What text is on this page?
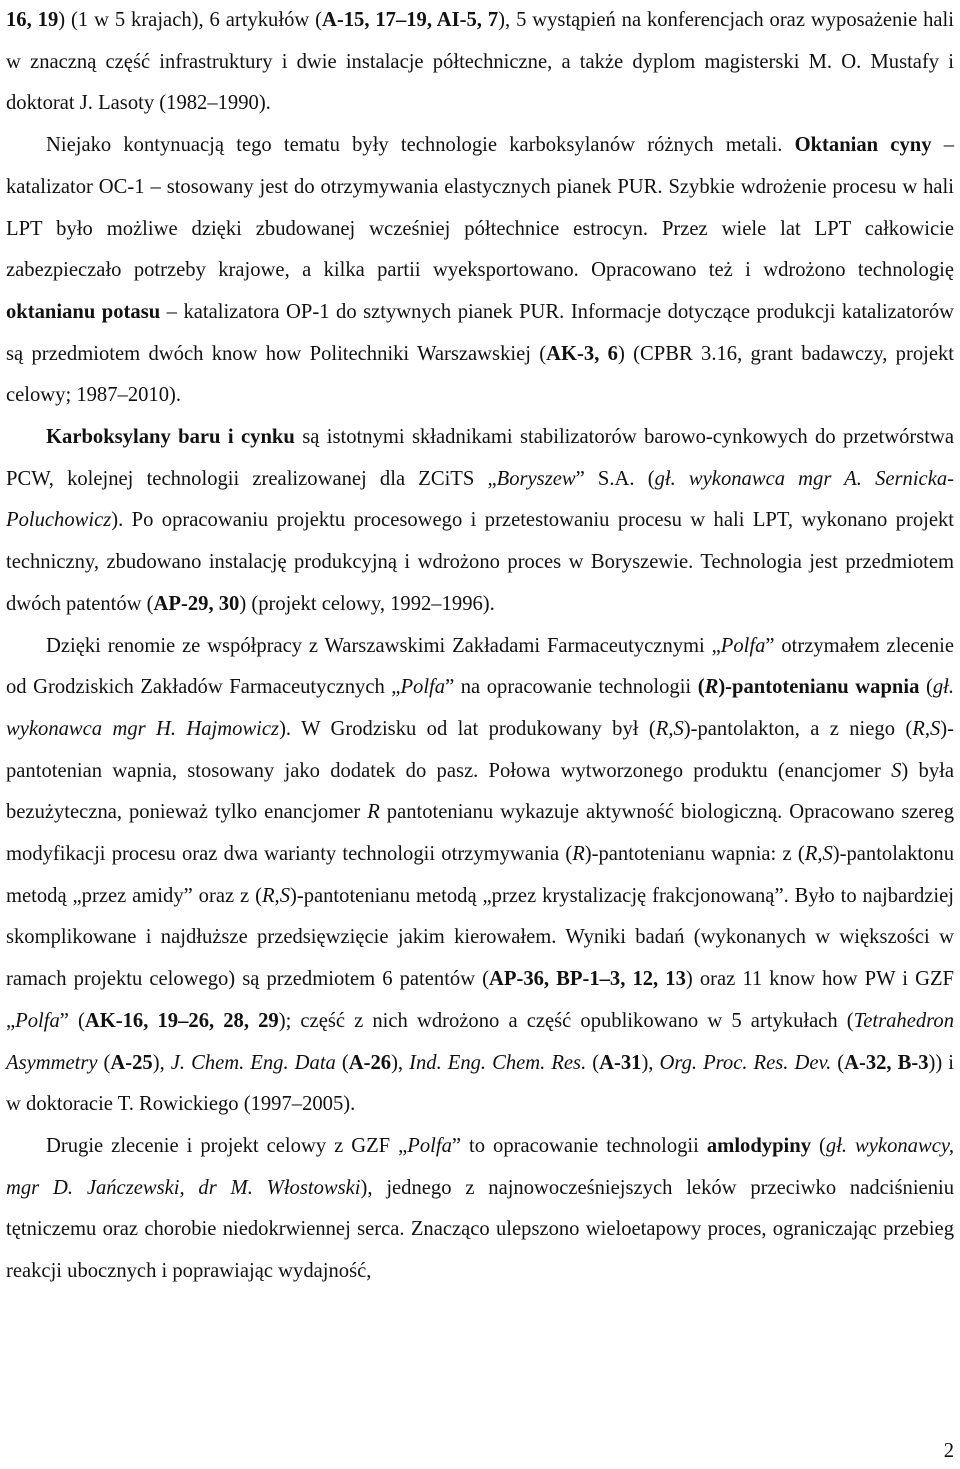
16, 19) (1 w 5 krajach), 6 artykułów (A-15, 17–19, AI-5, 7), 5 wystąpień na konferencjach oraz wyposażenie hali w znaczną część infrastruktury i dwie instalacje półtechniczne, a także dyplom magisterski M. O. Mustafy i doktorat J. Lasoty (1982–1990).

Niejako kontynuacją tego tematu były technologie karboksylanów różnych metali. Oktanian cyny – katalizator OC-1 – stosowany jest do otrzymywania elastycznych pianek PUR. Szybkie wdrożenie procesu w hali LPT było możliwe dzięki zbudowanej wcześniej półtechnice estrocyn. Przez wiele lat LPT całkowicie zabezpieczało potrzeby krajowe, a kilka partii wyeksportowano. Opracowano też i wdrożono technologię oktanianu potasu – katalizatora OP-1 do sztywnych pianek PUR. Informacje dotyczące produkcji katalizatorów są przedmiotem dwóch know how Politechniki Warszawskiej (AK-3, 6) (CPBR 3.16, grant badawczy, projekt celowy; 1987–2010).

Karboksylany baru i cynku są istotnymi składnikami stabilizatorów barowo-cynkowych do przetwórstwa PCW, kolejnej technologii zrealizowanej dla ZCiTS „Boryszew” S.A. (gł. wykonawca mgr A. Sernicka-Poluchowicz). Po opracowaniu projektu procesowego i przetestowaniu procesu w hali LPT, wykonano projekt techniczny, zbudowano instalację produkcyjną i wdrożono proces w Boryszewie. Technologia jest przedmiotem dwóch patentów (AP-29, 30) (projekt celowy, 1992–1996).

Dzięki renomie ze współpracy z Warszawskimi Zakładami Farmaceutycznymi „Polfa” otrzymałem zlecenie od Grodziskich Zakładów Farmaceutycznych „Polfa” na opracowanie technologii (R)-pantotenianu wapnia (gł. wykonawca mgr H. Hajmowicz). W Grodzisku od lat produkowany był (R,S)-pantolakton, a z niego (R,S)-pantotenian wapnia, stosowany jako dodatek do pasz. Połowa wytworzonego produktu (enancjomer S) była bezużyteczna, ponieważ tylko enancjomer R pantotenianu wykazuje aktywność biologiczną. Opracowano szereg modyfikacji procesu oraz dwa warianty technologii otrzymywania (R)-pantotenianu wapnia: z (R,S)-pantolaktonu metodą „przez amidy” oraz z (R,S)-pantotenianu metodą „przez krystalizację frakcjonowaną”. Było to najbardziej skomplikowane i najdłuższe przedsięwzięcie jakim kierowałem. Wyniki badań (wykonanych w większości w ramach projektu celowego) są przedmiotem 6 patentów (AP-36, BP-1–3, 12, 13) oraz 11 know how PW i GZF „Polfa” (AK-16, 19–26, 28, 29); część z nich wdrożono a część opublikowano w 5 artykułach (Tetrahedron Asymmetry (A-25), J. Chem. Eng. Data (A-26), Ind. Eng. Chem. Res. (A-31), Org. Proc. Res. Dev. (A-32, B-3)) i w doktoracie T. Rowickiego (1997–2005).

Drugie zlecenie i projekt celowy z GZF „Polfa” to opracowanie technologii amlodypiny (gł. wykonawcy, mgr D. Jańczewski, dr M. Włostowski), jednego z najnowocześniejszych leków przeciwko nadciśnieniu tętniczemu oraz chorobie niedokrwiennej serca. Znacząco ulepszono wieloetapowy proces, ograniczając przebieg reakcji ubocznych i poprawiając wydajność,

2
